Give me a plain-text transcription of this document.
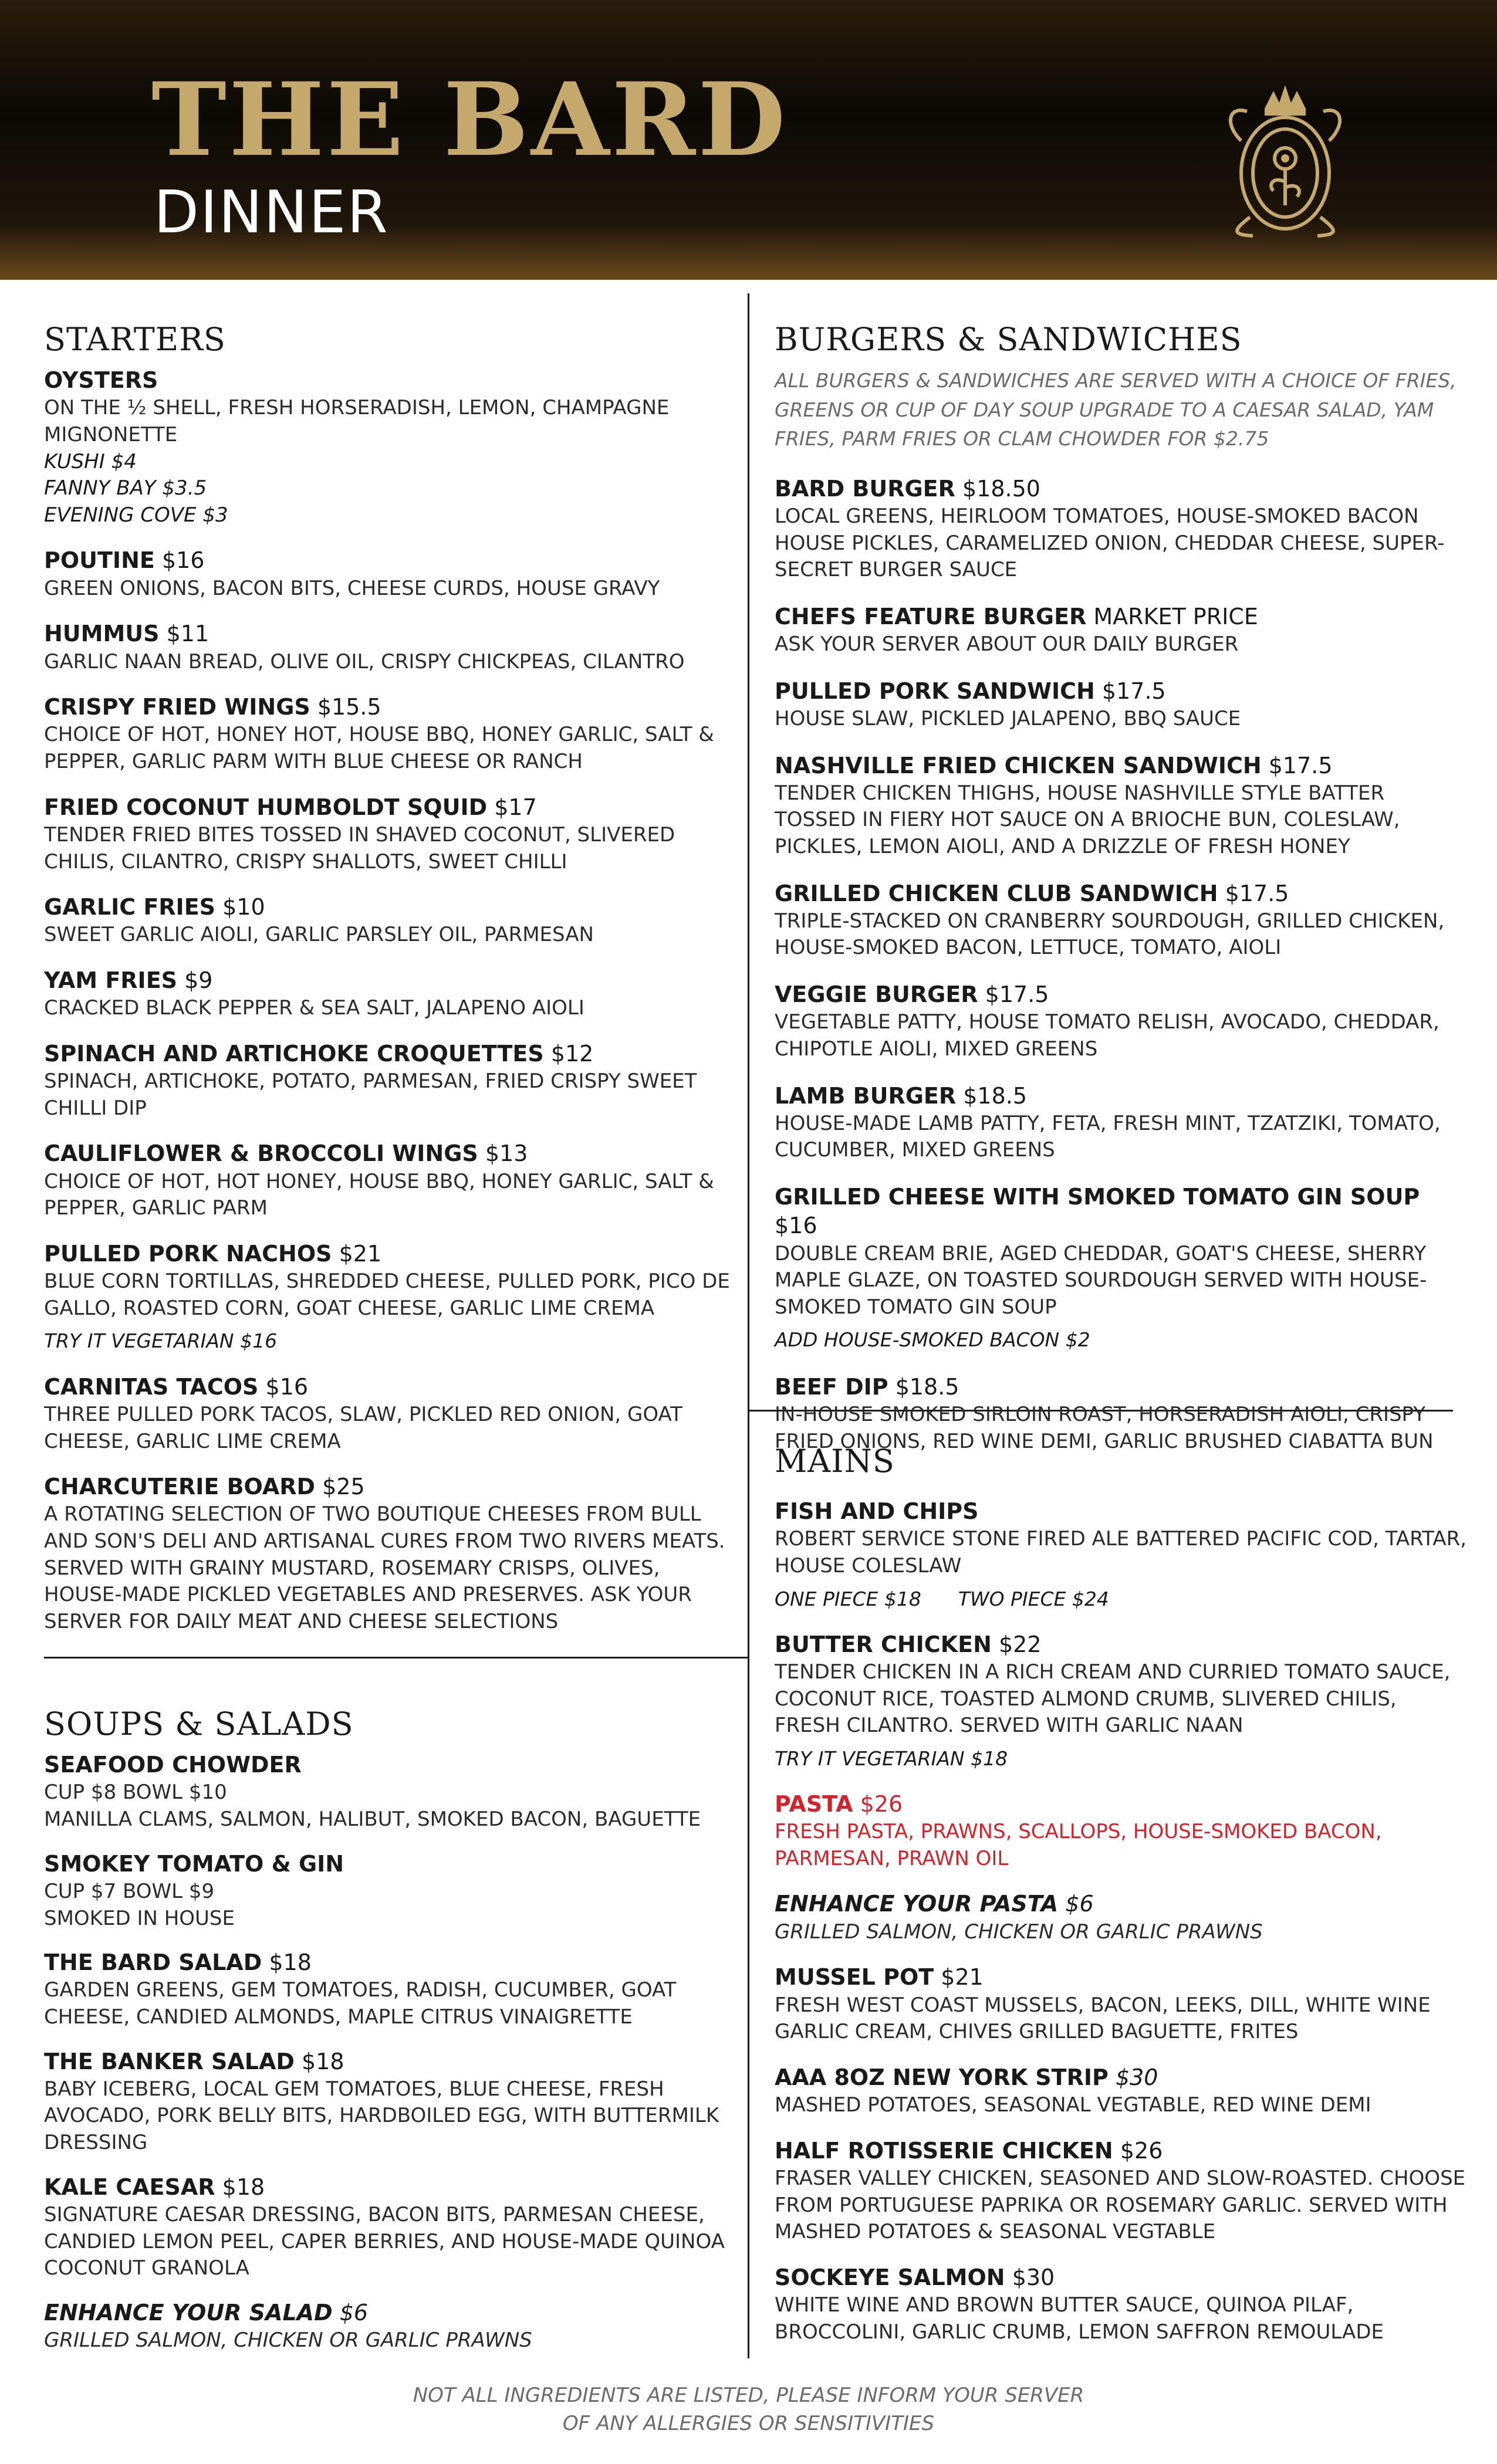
THE BARD
DINNER
STARTERS
OYSTERS
ON THE ½ SHELL, FRESH HORSERADISH, LEMON, CHAMPAGNE MIGNONETTE
KUSHI $4
FANNY BAY $3.5
EVENING COVE $3
POUTINE $16
GREEN ONIONS, BACON BITS, CHEESE CURDS, HOUSE GRAVY
HUMMUS $11
GARLIC NAAN BREAD, OLIVE OIL, CRISPY CHICKPEAS, CILANTRO
CRISPY FRIED WINGS $15.5
CHOICE OF HOT, HONEY HOT, HOUSE BBQ, HONEY GARLIC, SALT & PEPPER, GARLIC PARM WITH BLUE CHEESE OR RANCH
FRIED COCONUT HUMBOLDT SQUID $17
TENDER FRIED BITES TOSSED IN SHAVED COCONUT, SLIVERED CHILIS, CILANTRO, CRISPY SHALLOTS, SWEET CHILLI
GARLIC FRIES $10
SWEET GARLIC AIOLI, GARLIC PARSLEY OIL, PARMESAN
YAM FRIES $9
CRACKED BLACK PEPPER & SEA SALT, JALAPENO AIOLI
SPINACH AND ARTICHOKE CROQUETTES $12
SPINACH, ARTICHOKE, POTATO, PARMESAN, FRIED CRISPY SWEET CHILLI DIP
CAULIFLOWER & BROCCOLI WINGS $13
CHOICE OF HOT, HOT HONEY, HOUSE BBQ, HONEY GARLIC, SALT & PEPPER, GARLIC PARM
PULLED PORK NACHOS $21
BLUE CORN TORTILLAS, SHREDDED CHEESE, PULLED PORK, PICO DE GALLO, ROASTED CORN, GOAT CHEESE, GARLIC LIME CREMA
TRY IT VEGETARIAN $16
CARNITAS TACOS $16
THREE PULLED PORK TACOS, SLAW, PICKLED RED ONION, GOAT CHEESE, GARLIC LIME CREMA
CHARCUTERIE BOARD $25
A ROTATING SELECTION OF TWO BOUTIQUE CHEESES FROM BULL AND SON'S DELI AND ARTISANAL CURES FROM TWO RIVERS MEATS. SERVED WITH GRAINY MUSTARD, ROSEMARY CRISPS, OLIVES, HOUSE-MADE PICKLED VEGETABLES AND PRESERVES. ASK YOUR SERVER FOR DAILY MEAT AND CHEESE SELECTIONS
SOUPS & SALADS
SEAFOOD CHOWDER
CUP $8 BOWL $10
MANILLA CLAMS, SALMON, HALIBUT, SMOKED BACON, BAGUETTE
SMOKEY TOMATO & GIN
CUP $7 BOWL $9
SMOKED IN HOUSE
THE BARD SALAD $18
GARDEN GREENS, GEM TOMATOES, RADISH, CUCUMBER, GOAT CHEESE, CANDIED ALMONDS, MAPLE CITRUS VINAIGRETTE
THE BANKER SALAD $18
BABY ICEBERG, LOCAL GEM TOMATOES, BLUE CHEESE, FRESH AVOCADO, PORK BELLY BITS, HARDBOILED EGG, WITH BUTTERMILK DRESSING
KALE CAESAR $18
SIGNATURE CAESAR DRESSING, BACON BITS, PARMESAN CHEESE, CANDIED LEMON PEEL, CAPER BERRIES, AND HOUSE-MADE QUINOA COCONUT GRANOLA
ENHANCE YOUR SALAD $6
GRILLED SALMON, CHICKEN OR GARLIC PRAWNS
BURGERS & SANDWICHES
ALL BURGERS & SANDWICHES ARE SERVED WITH A CHOICE OF FRIES, GREENS OR CUP OF DAY SOUP UPGRADE TO A CAESAR SALAD, YAM FRIES, PARM FRIES OR CLAM CHOWDER FOR $2.75
BARD BURGER $18.50
LOCAL GREENS, HEIRLOOM TOMATOES, HOUSE-SMOKED BACON HOUSE PICKLES, CARAMELIZED ONION, CHEDDAR CHEESE, SUPER-SECRET BURGER SAUCE
CHEFS FEATURE BURGER MARKET PRICE
ASK YOUR SERVER ABOUT OUR DAILY BURGER
PULLED PORK SANDWICH $17.5
HOUSE SLAW, PICKLED JALAPENO, BBQ SAUCE
NASHVILLE FRIED CHICKEN SANDWICH $17.5
TENDER CHICKEN THIGHS, HOUSE NASHVILLE STYLE BATTER TOSSED IN FIERY HOT SAUCE ON A BRIOCHE BUN, COLESLAW, PICKLES, LEMON AIOLI, AND A DRIZZLE OF FRESH HONEY
GRILLED CHICKEN CLUB SANDWICH $17.5
TRIPLE-STACKED ON CRANBERRY SOURDOUGH, GRILLED CHICKEN, HOUSE-SMOKED BACON, LETTUCE, TOMATO, AIOLI
VEGGIE BURGER $17.5
VEGETABLE PATTY, HOUSE TOMATO RELISH, AVOCADO, CHEDDAR, CHIPOTLE AIOLI, MIXED GREENS
LAMB BURGER $18.5
HOUSE-MADE LAMB PATTY, FETA, FRESH MINT, TZATZIKI, TOMATO, CUCUMBER, MIXED GREENS
GRILLED CHEESE WITH SMOKED TOMATO GIN SOUP $16
DOUBLE CREAM BRIE, AGED CHEDDAR, GOAT'S CHEESE, SHERRY MAPLE GLAZE, ON TOASTED SOURDOUGH SERVED WITH HOUSE-SMOKED TOMATO GIN SOUP
ADD HOUSE-SMOKED BACON $2
BEEF DIP $18.5
IN-HOUSE SMOKED SIRLOIN ROAST, HORSERADISH AIOLI, CRISPY FRIED ONIONS, RED WINE DEMI, GARLIC BRUSHED CIABATTA BUN
MAINS
FISH AND CHIPS
ROBERT SERVICE STONE FIRED ALE BATTERED PACIFIC COD, TARTAR, HOUSE COLESLAW
ONE PIECE $18      TWO PIECE $24
BUTTER CHICKEN $22
TENDER CHICKEN IN A RICH CREAM AND CURRIED TOMATO SAUCE, COCONUT RICE, TOASTED ALMOND CRUMB, SLIVERED CHILIS, FRESH CILANTRO. SERVED WITH GARLIC NAAN
TRY IT VEGETARIAN $18
PASTA $26
FRESH PASTA, PRAWNS, SCALLOPS, HOUSE-SMOKED BACON, PARMESAN, PRAWN OIL
ENHANCE YOUR PASTA $6
GRILLED SALMON, CHICKEN OR GARLIC PRAWNS
MUSSEL POT $21
FRESH WEST COAST MUSSELS, BACON, LEEKS, DILL, WHITE WINE GARLIC CREAM, CHIVES GRILLED BAGUETTE, FRITES
AAA 8OZ NEW YORK STRIP $30
MASHED POTATOES, SEASONAL VEGTABLE, RED WINE DEMI
HALF ROTISSERIE CHICKEN $26
FRASER VALLEY CHICKEN, SEASONED AND SLOW-ROASTED. CHOOSE FROM PORTUGUESE PAPRIKA OR ROSEMARY GARLIC. SERVED WITH MASHED POTATOES & SEASONAL VEGTABLE
SOCKEYE SALMON $30
WHITE WINE AND BROWN BUTTER SAUCE, QUINOA PILAF, BROCCOLINI, GARLIC CRUMB, LEMON SAFFRON REMOULADE
NOT ALL INGREDIENTS ARE LISTED, PLEASE INFORM YOUR SERVER
OF ANY ALLERGIES OR SENSITIVITIES
